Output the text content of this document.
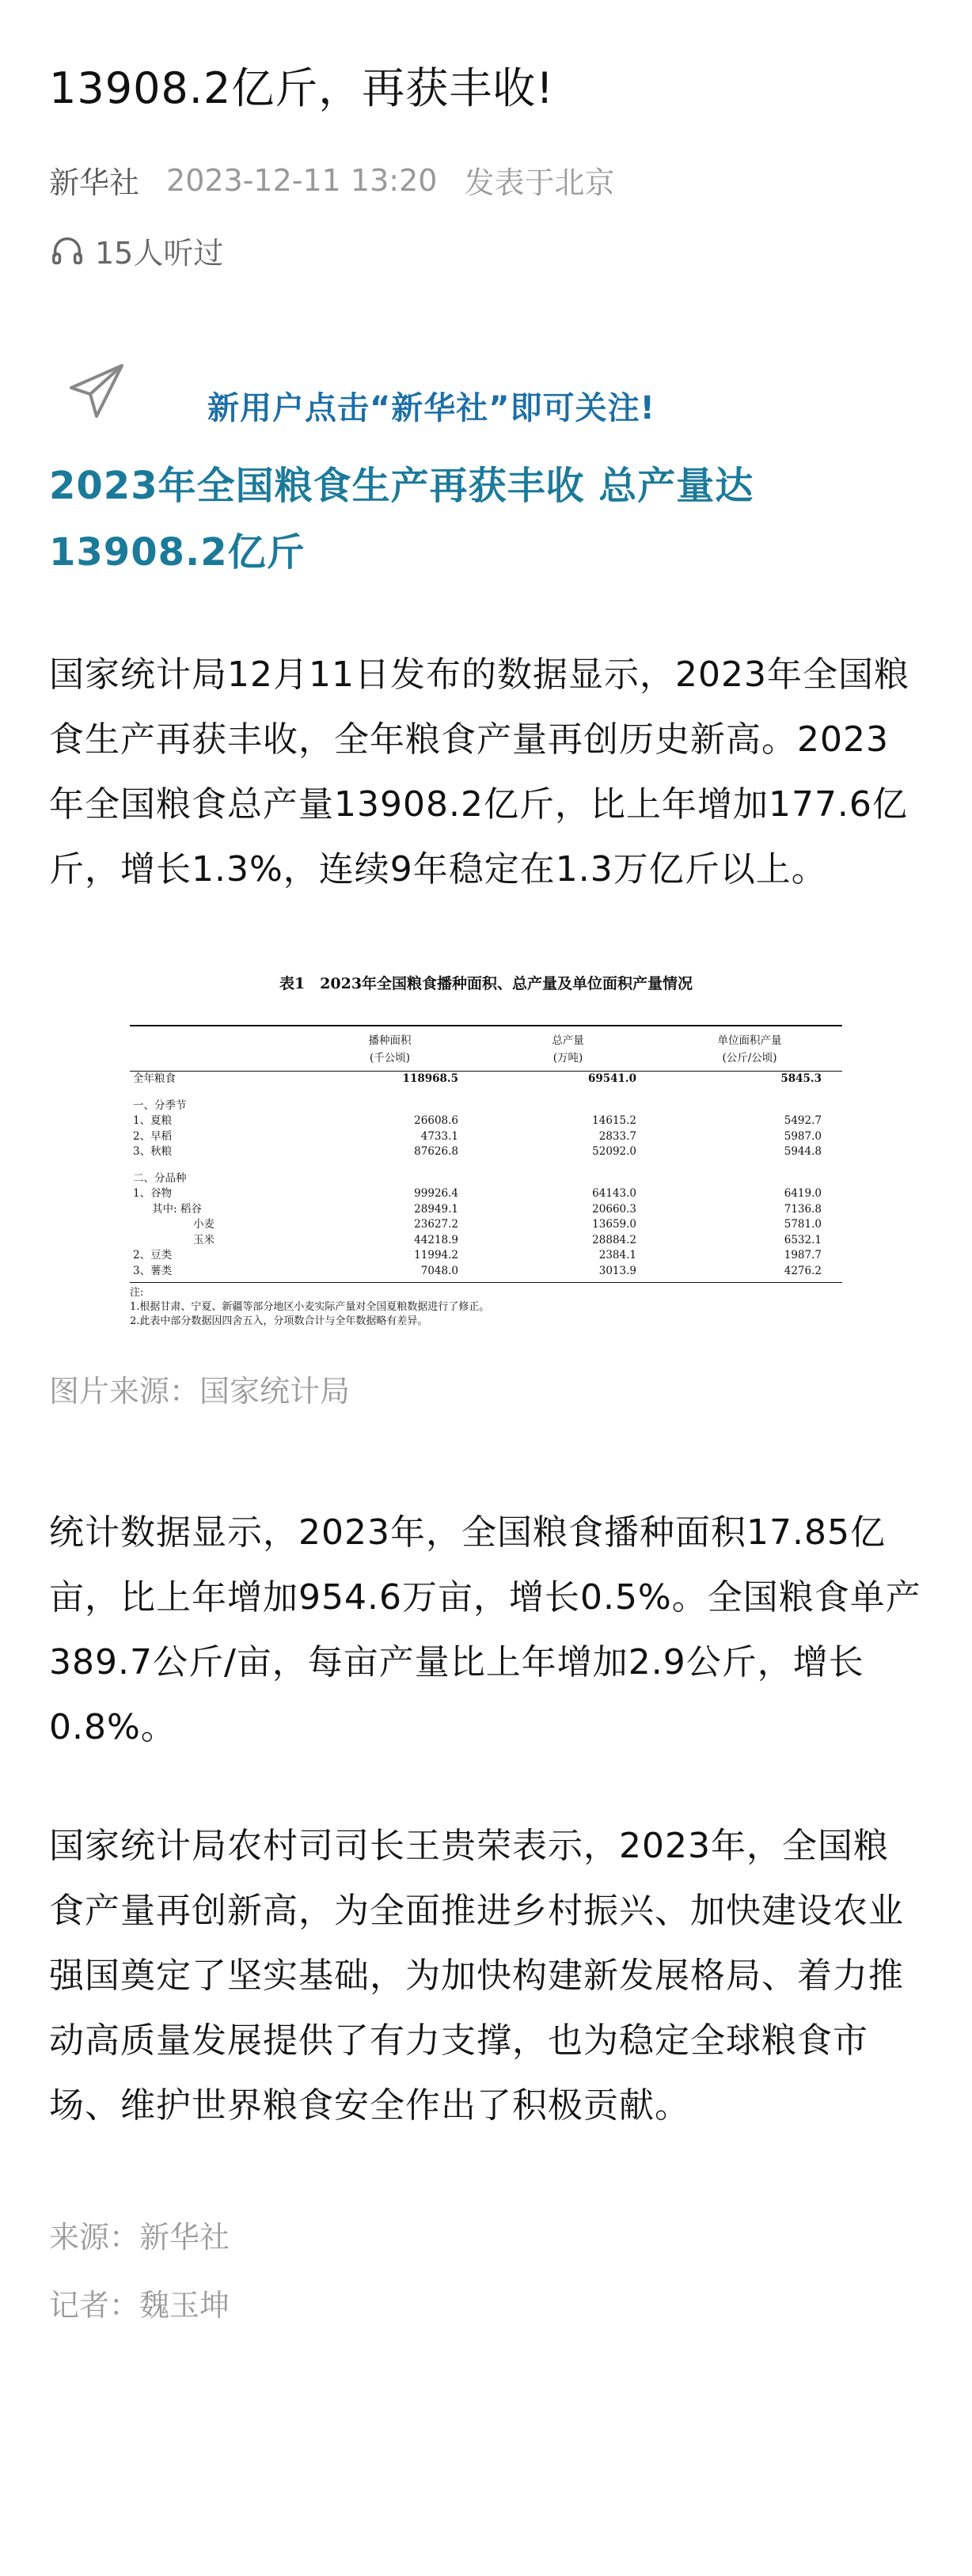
13908.2亿斤，再获丰收!
新华社 2023-12-11 13:20 发表于北京
15人听过
新用户点击“新华社”即可关注!
2023年全国粮食生产再获丰收 总产量达13908.2亿斤

国家统计局12月11日发布的数据显示，2023年全国粮食生产再获丰收，全年粮食产量再创历史新高。2023年全国粮食总产量13908.2亿斤，比上年增加177.6亿斤，增长1.3%，连续9年稳定在1.3万亿斤以上。

表1　2023年全国粮食播种面积、总产量及单位面积产量情况
	播种面积	总产量	单位面积产量
	(千公顷)	(万吨)	(公斤/公顷)
全年粮食	118968.5	69541.0	5845.3

一、分季节			
1、夏粮	26608.6	14615.2	5492.7
2、早稻	4733.1	2833.7	5987.0
3、秋粮	87626.8	52092.0	5944.8

二、分品种			
1、谷物	99926.4	64143.0	6419.0
其中: 稻谷	28949.1	20660.3	7136.8
小麦	23627.2	13659.0	5781.0
玉米	44218.9	28884.2	6532.1
2、豆类	11994.2	2384.1	1987.7
3、薯类	7048.0	3013.9	4276.2
注:
1.根据甘肃、宁夏、新疆等部分地区小麦实际产量对全国夏粮数据进行了修正。
2.此表中部分数据因四舍五入，分项数合计与全年数据略有差异。
图片来源：国家统计局

统计数据显示，2023年，全国粮食播种面积17.85亿亩，比上年增加954.6万亩，增长0.5%。全国粮食单产389.7公斤/亩，每亩产量比上年增加2.9公斤，增长0.8%。

国家统计局农村司司长王贵荣表示，2023年，全国粮食产量再创新高，为全面推进乡村振兴、加快建设农业强国奠定了坚实基础，为加快构建新发展格局、着力推动高质量发展提供了有力支撑，也为稳定全球粮食市场、维护世界粮食安全作出了积极贡献。

来源：新华社
记者：魏玉坤
